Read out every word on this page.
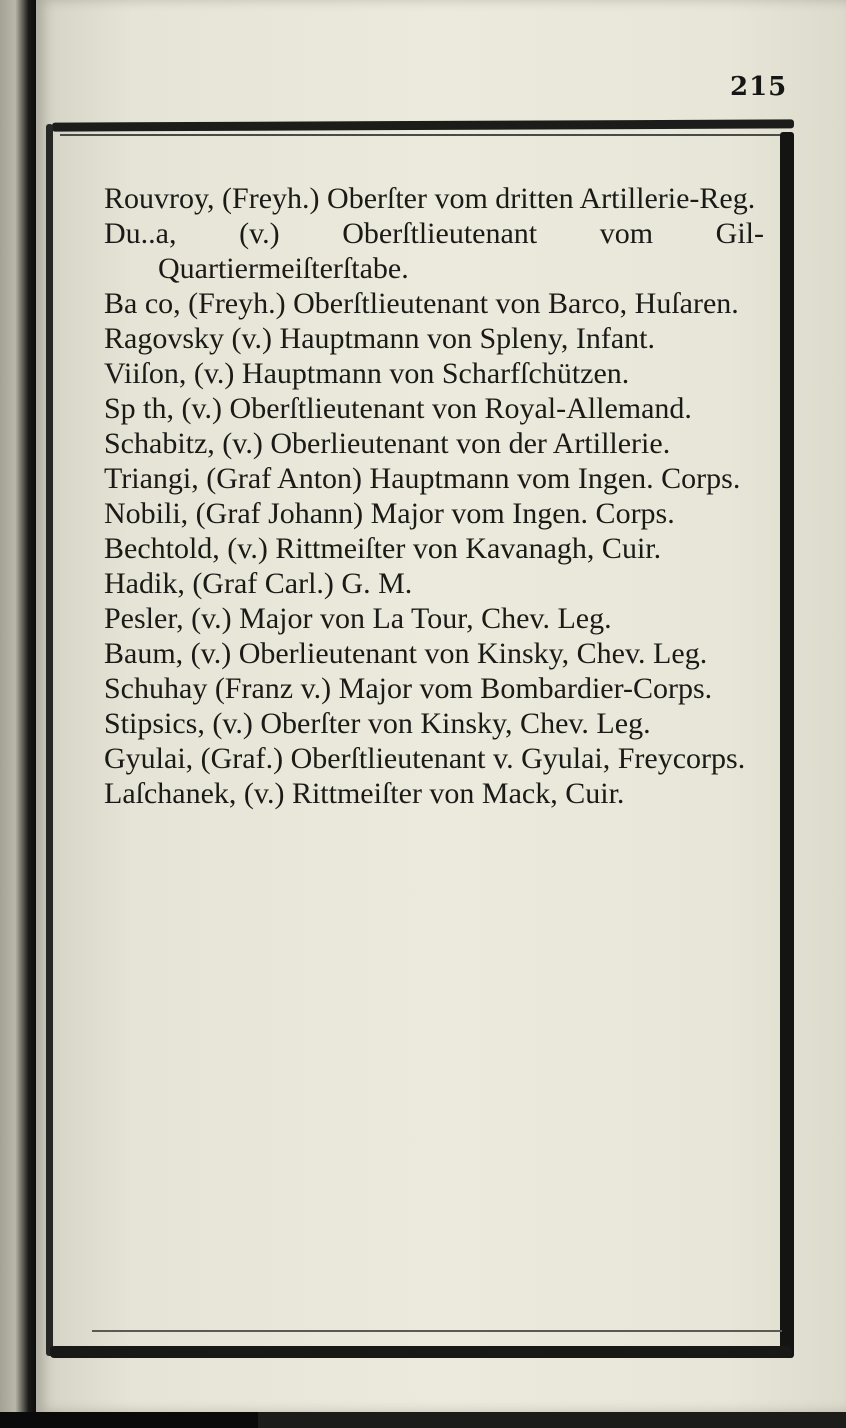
215
Rouvroy, (Freyh.) Oberſter vom dritten Artillerie-Reg.
Du..a, (v.) Oberſtlieutenant vom Gil-Quartiermeiſterſtabe.
Ba co, (Freyh.) Oberſtlieutenant von Barco, Huſaren.
Ragovsky (v.) Hauptmann von Spleny, Infant.
Viiſon, (v.) Hauptmann von Scharfſchützen.
Sp th, (v.) Oberſtlieutenant von Royal-Allemand.
Schabitz, (v.) Oberlieutenant von der Artillerie.
Triangi, (Graf Anton) Hauptmann vom Ingen. Corps.
Nobili, (Graf Johann) Major vom Ingen. Corps.
Bechtold, (v.) Rittmeiſter von Kavanagh, Cuir.
Hadik, (Graf Carl.) G. M.
Pesler, (v.) Major von La Tour, Chev. Leg.
Baum, (v.) Oberlieutenant von Kinsky, Chev. Leg.
Schuhay (Franz v.) Major vom Bombardier-Corps.
Stipsics, (v.) Oberſter von Kinsky, Chev. Leg.
Gyulai, (Graf.) Oberſtlieutenant v. Gyulai, Freycorps.
Laſchanek, (v.) Rittmeiſter von Mack, Cuir.
